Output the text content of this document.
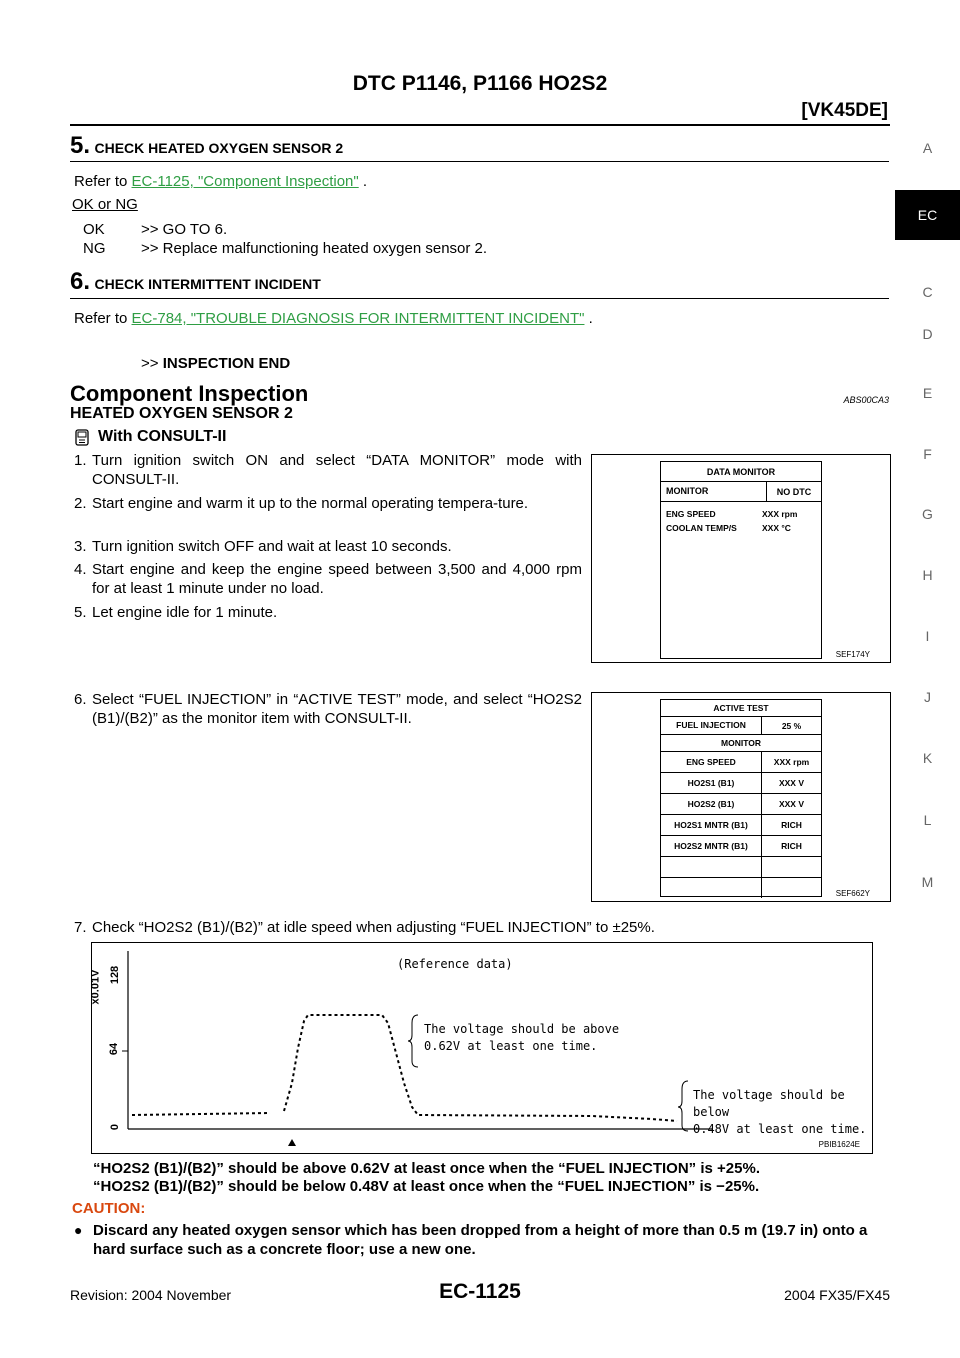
DTC P1146, P1166 HO2S2
[VK45DE]
A
EC
C
D
E
F
G
H
I
J
K
L
M
5. CHECK HEATED OXYGEN SENSOR 2
Refer to EC-1125, "Component Inspection" .
OK or NG
OK >> GO TO 6.
NG >> Replace malfunctioning heated oxygen sensor 2.
6. CHECK INTERMITTENT INCIDENT
Refer to EC-784, "TROUBLE DIAGNOSIS FOR INTERMITTENT INCIDENT" .
>> INSPECTION END
Component Inspection	ABS00CA3
HEATED OXYGEN SENSOR 2
With CONSULT-II
1. Turn ignition switch ON and select “DATA MONITOR” mode with CONSULT-II.
2. Start engine and warm it up to the normal operating tempera-ture.
3. Turn ignition switch OFF and wait at least 10 seconds.
4. Start engine and keep the engine speed between 3,500 and 4,000 rpm for at least 1 minute under no load.
5. Let engine idle for 1 minute.
DATA MONITOR
MONITOR	NO DTC
ENG SPEED	XXX rpm
COOLAN TEMP/S	XXX °C
SEF174Y
6. Select “FUEL INJECTION” in “ACTIVE TEST” mode, and select “HO2S2 (B1)/(B2)” as the monitor item with CONSULT-II.
ACTIVE TEST
FUEL INJECTION	25 %
MONITOR
ENG SPEED	XXX rpm
HO2S1 (B1)	XXX V
HO2S2 (B1)	XXX V
HO2S1 MNTR (B1)	RICH
HO2S2 MNTR (B1)	RICH
SEF662Y
7. Check “HO2S2 (B1)/(B2)” at idle speed when adjusting “FUEL INJECTION” to ±25%.
(Reference data)
x0.01V 128
64
0
The voltage should be above
0.62V at least one time.
The voltage should be below
0.48V at least one time.
PBIB1624E
“HO2S2 (B1)/(B2)” should be above 0.62V at least once when the “FUEL INJECTION” is +25%.
“HO2S2 (B1)/(B2)” should be below 0.48V at least once when the “FUEL INJECTION” is −25%.
CAUTION:
● Discard any heated oxygen sensor which has been dropped from a height of more than 0.5 m (19.7 in) onto a hard surface such as a concrete floor; use a new one.
Revision: 2004 November	EC-1125	2004 FX35/FX45
